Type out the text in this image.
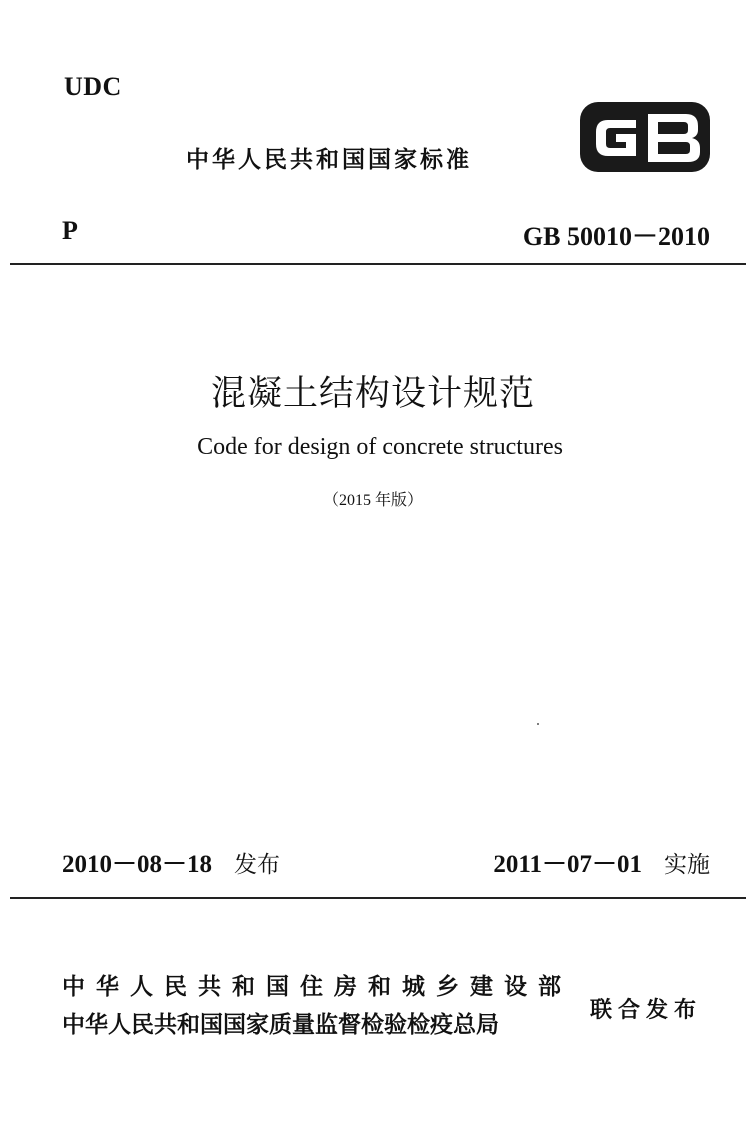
UDC
中华人民共和国国家标准
P	GB 50010－2010
混凝土结构设计规范
Code for design of concrete structures
（2015 年版）
2010－08－18 发布	2011－07－01 实施
中华人民共和国住房和城乡建设部
中华人民共和国国家质量监督检验检疫总局
联合发布
